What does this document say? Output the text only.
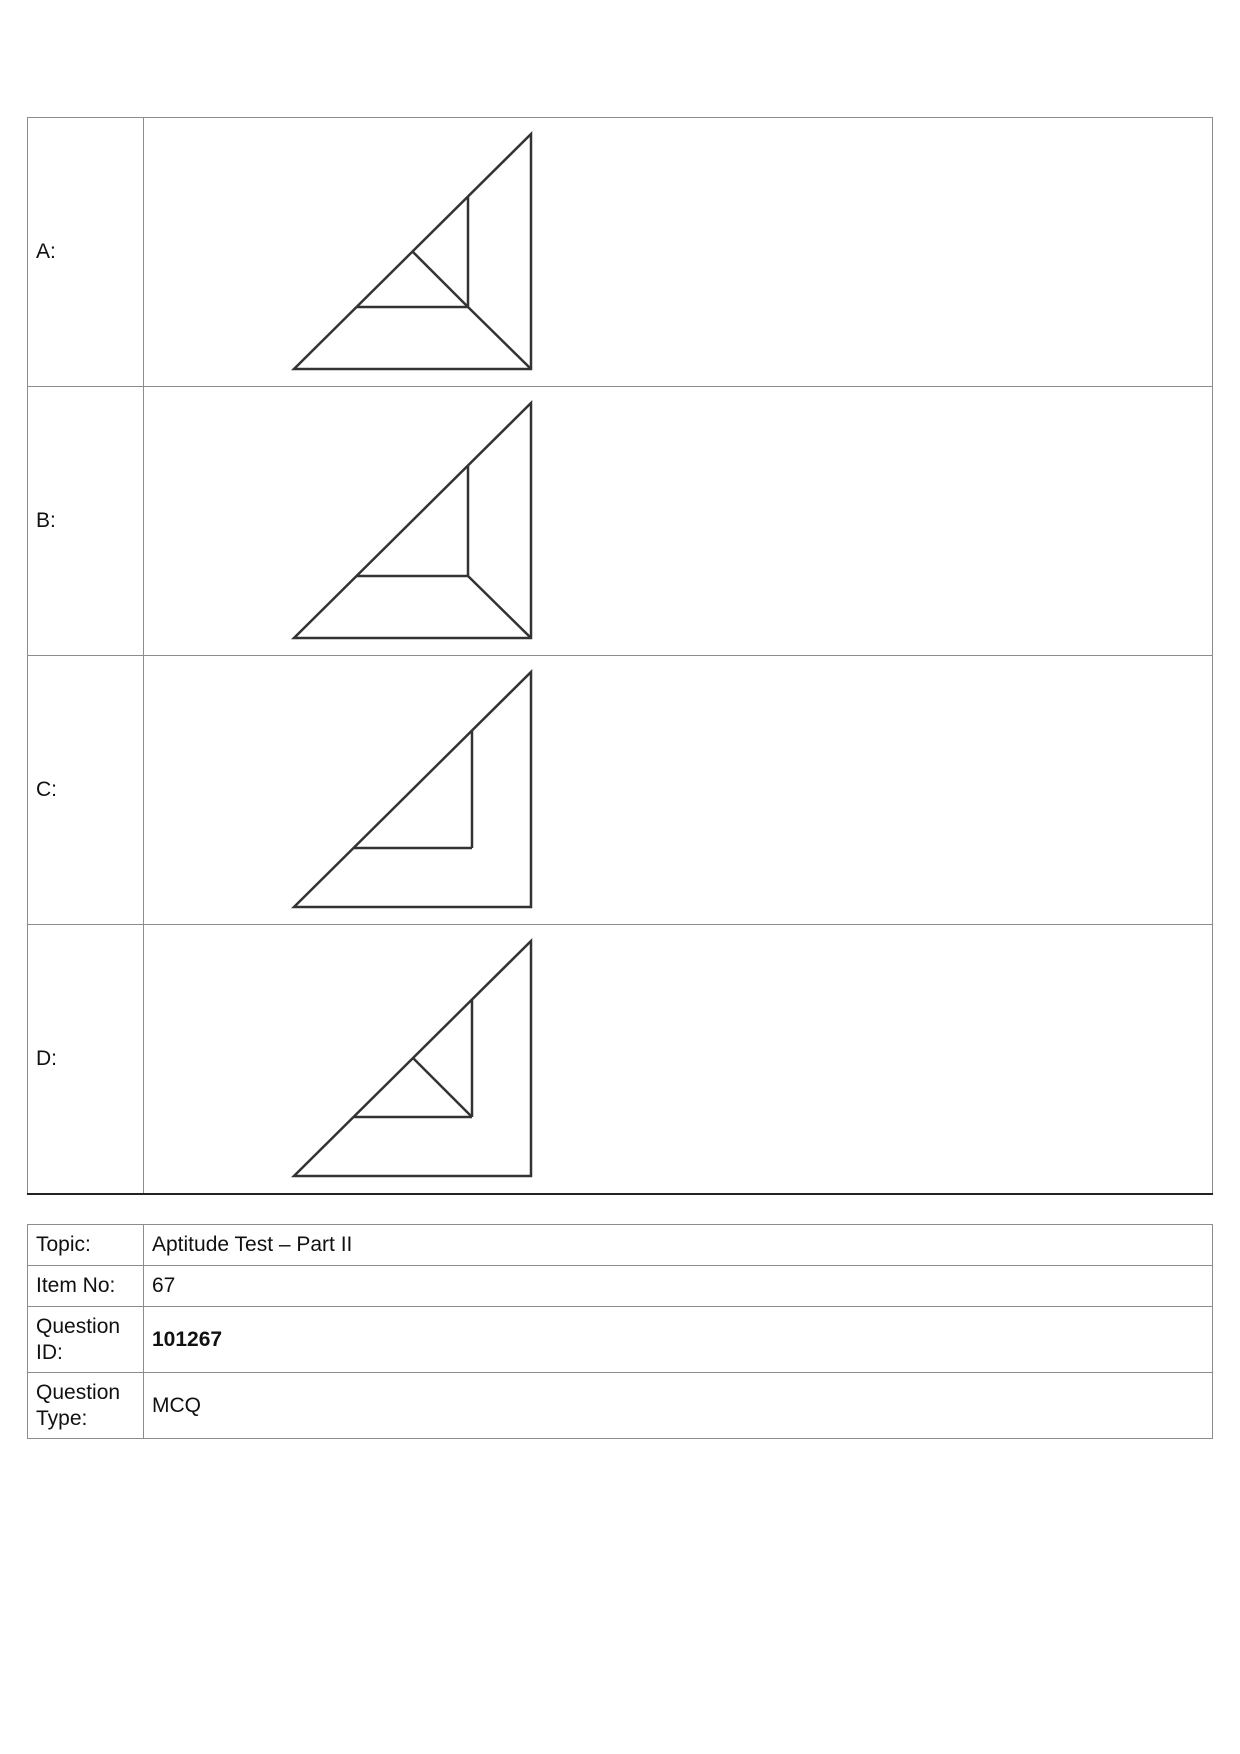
A:	

B:	

C:	

D:	
Topic:	Aptitude Test – Part II
Item No:	67
Question ID:	101267
Question Type:	MCQ
